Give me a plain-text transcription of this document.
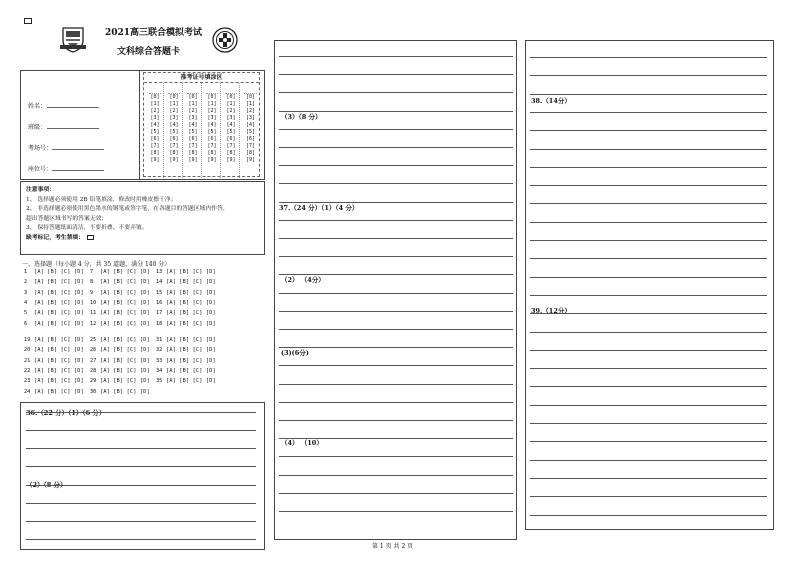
2021高三联合模拟考试
文科综合答题卡
姓名：
班级：
考场号：
座位号：
准考证号填涂区
[0]
[1]
[2]
[3]
[4]
[5]
[6]
[7]
[8]
[9]
[0]
[1]
[2]
[3]
[4]
[5]
[6]
[7]
[8]
[9]
[0]
[1]
[2]
[3]
[4]
[5]
[6]
[7]
[8]
[9]
[0]
[1]
[2]
[3]
[4]
[5]
[6]
[7]
[8]
[9]
[0]
[1]
[2]
[3]
[4]
[5]
[6]
[7]
[8]
[9]
[0]
[1]
[2]
[3]
[4]
[5]
[6]
[7]
[8]
[9]
注意事项：
1、 选择题必须使用 2B 铅笔填涂，修改时用橡皮擦干净；
2、 非选择题必须使用黑色墨水的钢笔或签字笔，在各题目的答题区域内作答，
超出答题区域书写的答案无效；
3、 保持答题纸面清洁，不要折叠、不要弄皱。
缺考标记，考生禁填：
一、选择题（每小题 4 分，共 35 道题，满分 140 分）
1 [A] [B] [C] [D] 7 [A] [B] [C] [D] 13 [A] [B] [C] [D]
2 [A] [B] [C] [D] 8 [A] [B] [C] [D] 14 [A] [B] [C] [D]
3 [A] [B] [C] [D] 9 [A] [B] [C] [D] 15 [A] [B] [C] [D]
4 [A] [B] [C] [D] 10 [A] [B] [C] [D] 16 [A] [B] [C] [D]
5 [A] [B] [C] [D] 11 [A] [B] [C] [D] 17 [A] [B] [C] [D]
6 [A] [B] [C] [D] 12 [A] [B] [C] [D] 18 [A] [B] [C] [D]
19 [A] [B] [C] [D] 25 [A] [B] [C] [D] 31 [A] [B] [C] [D]
20 [A] [B] [C] [D] 26 [A] [B] [C] [D] 32 [A] [B] [C] [D]
21 [A] [B] [C] [D] 27 [A] [B] [C] [D] 33 [A] [B] [C] [D]
22 [A] [B] [C] [D] 28 [A] [B] [C] [D] 34 [A] [B] [C] [D]
23 [A] [B] [C] [D] 29 [A] [B] [C] [D] 35 [A] [B] [C] [D]
24 [A] [B] [C] [D] 30 [A] [B] [C] [D]
36.（22 分）（1）（6 分）
（2）（8 分）
（3）（8 分）
37.（24 分）（1）（4 分）
（2） （4分）
(3)(6分)
（4） （10）
38.（14分）
39.（12分）
第 1 页 共 2 页
